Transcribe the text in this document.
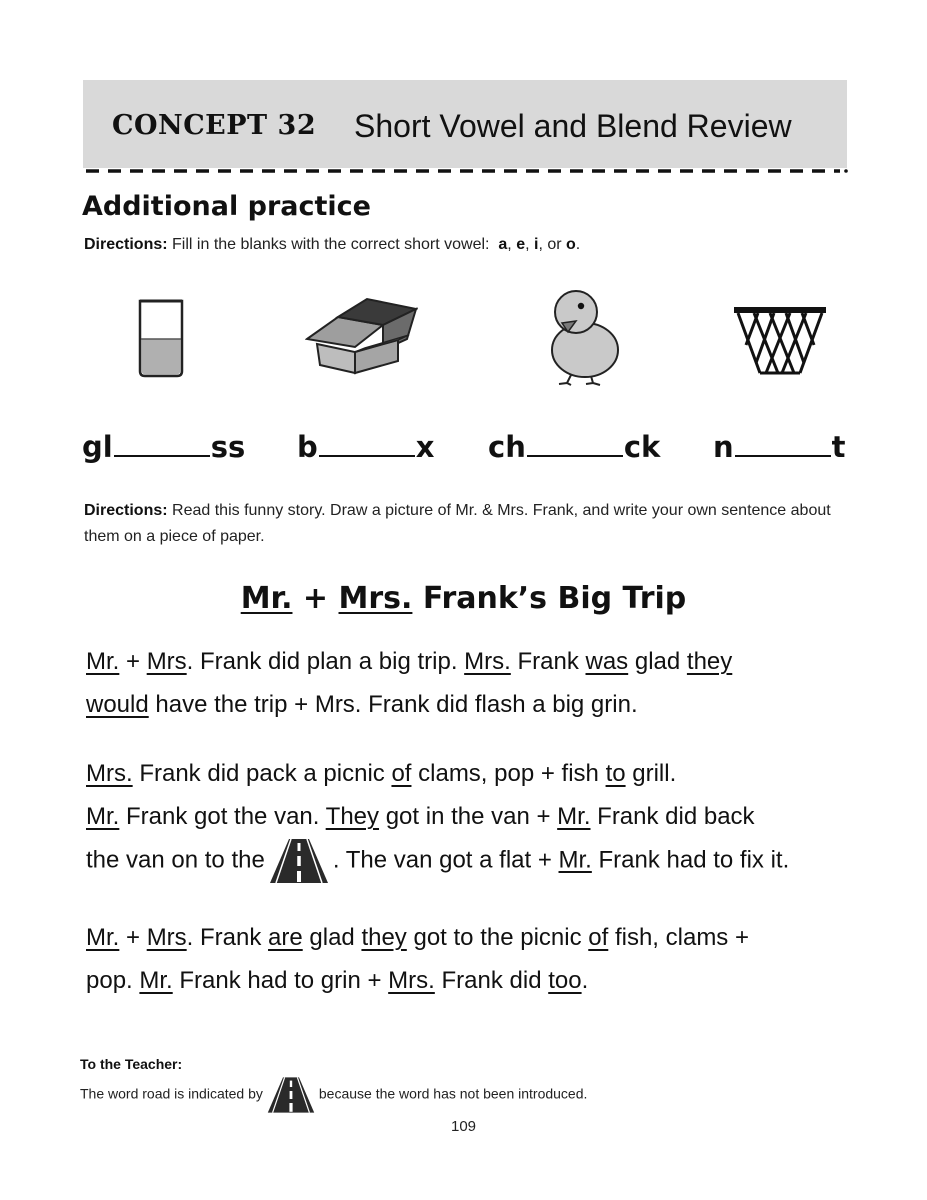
CONCEPT 32 Short Vowel and Blend Review
Additional practice
Directions: Fill in the blanks with the correct short vowel: a, e, i, or o.
gl	ss b	x ch	ck n	t
Directions: Read this funny story. Draw a picture of Mr. & Mrs. Frank, and write your own sentence about them on a piece of paper.
Mr. + Mrs. Frank’s Big Trip
Mr. + Mrs. Frank did plan a big trip. Mrs. Frank was glad they
would have the trip + Mrs. Frank did flash a big grin.
Mrs. Frank did pack a picnic of clams, pop + fish to grill.
Mr. Frank got the van. They got in the van + Mr. Frank did back
the van on to the	. The van got a flat + Mr. Frank had to fix it.
Mr. + Mrs. Frank are glad they got to the picnic of fish, clams +
pop. Mr. Frank had to grin + Mrs. Frank did too.
To the Teacher:
The word road is indicated by	because the word has not been introduced.
109
